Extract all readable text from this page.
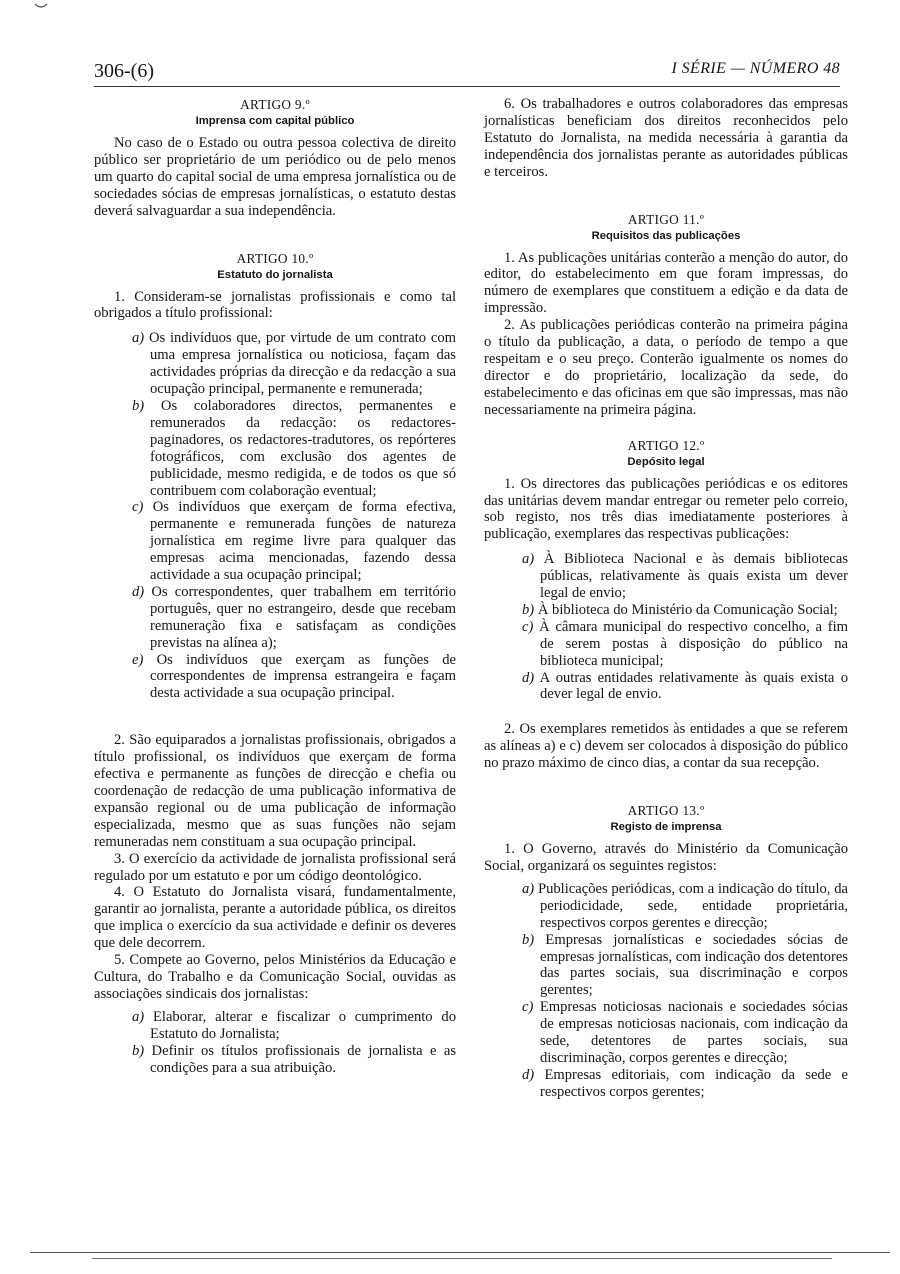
306-(6)	I SÉRIE — NÚMERO 48
ARTIGO 9.º
Imprensa com capital público
No caso de o Estado ou outra pessoa colectiva de direito público ser proprietário de um periódico ou de pelo menos um quarto do capital social de uma empresa jornalística ou de sociedades sócias de empresas jornalísticas, o estatuto destas deverá salvaguardar a sua independência.
ARTIGO 10.º
Estatuto do jornalista
1. Consideram-se jornalistas profissionais e como tal obrigados a título profissional:
a) Os indivíduos que, por virtude de um contrato com uma empresa jornalística ou noticiosa, façam das actividades próprias da direcção e da redacção a sua ocupação principal, permanente e remunerada;
b) Os colaboradores directos, permanentes e remunerados da redacção: os redactores-paginadores, os redactores-tradutores, os repórteres fotográficos, com exclusão dos agentes de publicidade, mesmo redigida, e de todos os que só contribuem com colaboração eventual;
c) Os indivíduos que exerçam de forma efectiva, permanente e remunerada funções de natureza jornalística em regime livre para qualquer das empresas acima mencionadas, fazendo dessa actividade a sua ocupação principal;
d) Os correspondentes, quer trabalhem em território português, quer no estrangeiro, desde que recebam remuneração fixa e satisfaçam as condições previstas na alínea a);
e) Os indivíduos que exerçam as funções de correspondentes de imprensa estrangeira e façam desta actividade a sua ocupação principal.
2. São equiparados a jornalistas profissionais, obrigados a título profissional, os indivíduos que exerçam de forma efectiva e permanente as funções de direcção e chefia ou coordenação de redacção de uma publicação informativa de expansão regional ou de uma publicação de informação especializada, mesmo que as suas funções não sejam remuneradas nem constituam a sua ocupação principal.
3. O exercício da actividade de jornalista profissional será regulado por um estatuto e por um código deontológico.
4. O Estatuto do Jornalista visará, fundamentalmente, garantir ao jornalista, perante a autoridade pública, os direitos que implica o exercício da sua actividade e definir os deveres que dele decorrem.
5. Compete ao Governo, pelos Ministérios da Educação e Cultura, do Trabalho e da Comunicação Social, ouvidas as associações sindicais dos jornalistas:
a) Elaborar, alterar e fiscalizar o cumprimento do Estatuto do Jornalista;
b) Definir os títulos profissionais de jornalista e as condições para a sua atribuição.
6. Os trabalhadores e outros colaboradores das empresas jornalísticas beneficiam dos direitos reconhecidos pelo Estatuto do Jornalista, na medida necessária à garantia da independência dos jornalistas perante as autoridades públicas e terceiros.
ARTIGO 11.º
Requisitos das publicações
1. As publicações unitárias conterão a menção do autor, do editor, do estabelecimento em que foram impressas, do número de exemplares que constituem a edição e da data de impressão.
2. As publicações periódicas conterão na primeira página o título da publicação, a data, o período de tempo a que respeitam e o seu preço. Conterão igualmente os nomes do director e do proprietário, localização da sede, do estabelecimento e das oficinas em que são impressas, mas não necessariamente na primeira página.
ARTIGO 12.º
Depósito legal
1. Os directores das publicações periódicas e os editores das unitárias devem mandar entregar ou remeter pelo correio, sob registo, nos três dias imediatamente posteriores à publicação, exemplares das respectivas publicações:
a) À Biblioteca Nacional e às demais bibliotecas públicas, relativamente às quais exista um dever legal de envio;
b) À biblioteca do Ministério da Comunicação Social;
c) À câmara municipal do respectivo concelho, a fim de serem postas à disposição do público na biblioteca municipal;
d) A outras entidades relativamente às quais exista o dever legal de envio.
2. Os exemplares remetidos às entidades a que se referem as alíneas a) e c) devem ser colocados à disposição do público no prazo máximo de cinco dias, a contar da sua recepção.
ARTIGO 13.º
Registo de imprensa
1. O Governo, através do Ministério da Comunicação Social, organizará os seguintes registos:
a) Publicações periódicas, com a indicação do título, da periodicidade, sede, entidade proprietária, respectivos corpos gerentes e direcção;
b) Empresas jornalísticas e sociedades sócias de empresas jornalísticas, com indicação dos detentores das partes sociais, sua discriminação e corpos gerentes;
c) Empresas noticiosas nacionais e sociedades sócias de empresas noticiosas nacionais, com indicação da sede, detentores de partes sociais, sua discriminação, corpos gerentes e direcção;
d) Empresas editoriais, com indicação da sede e respectivos corpos gerentes;
